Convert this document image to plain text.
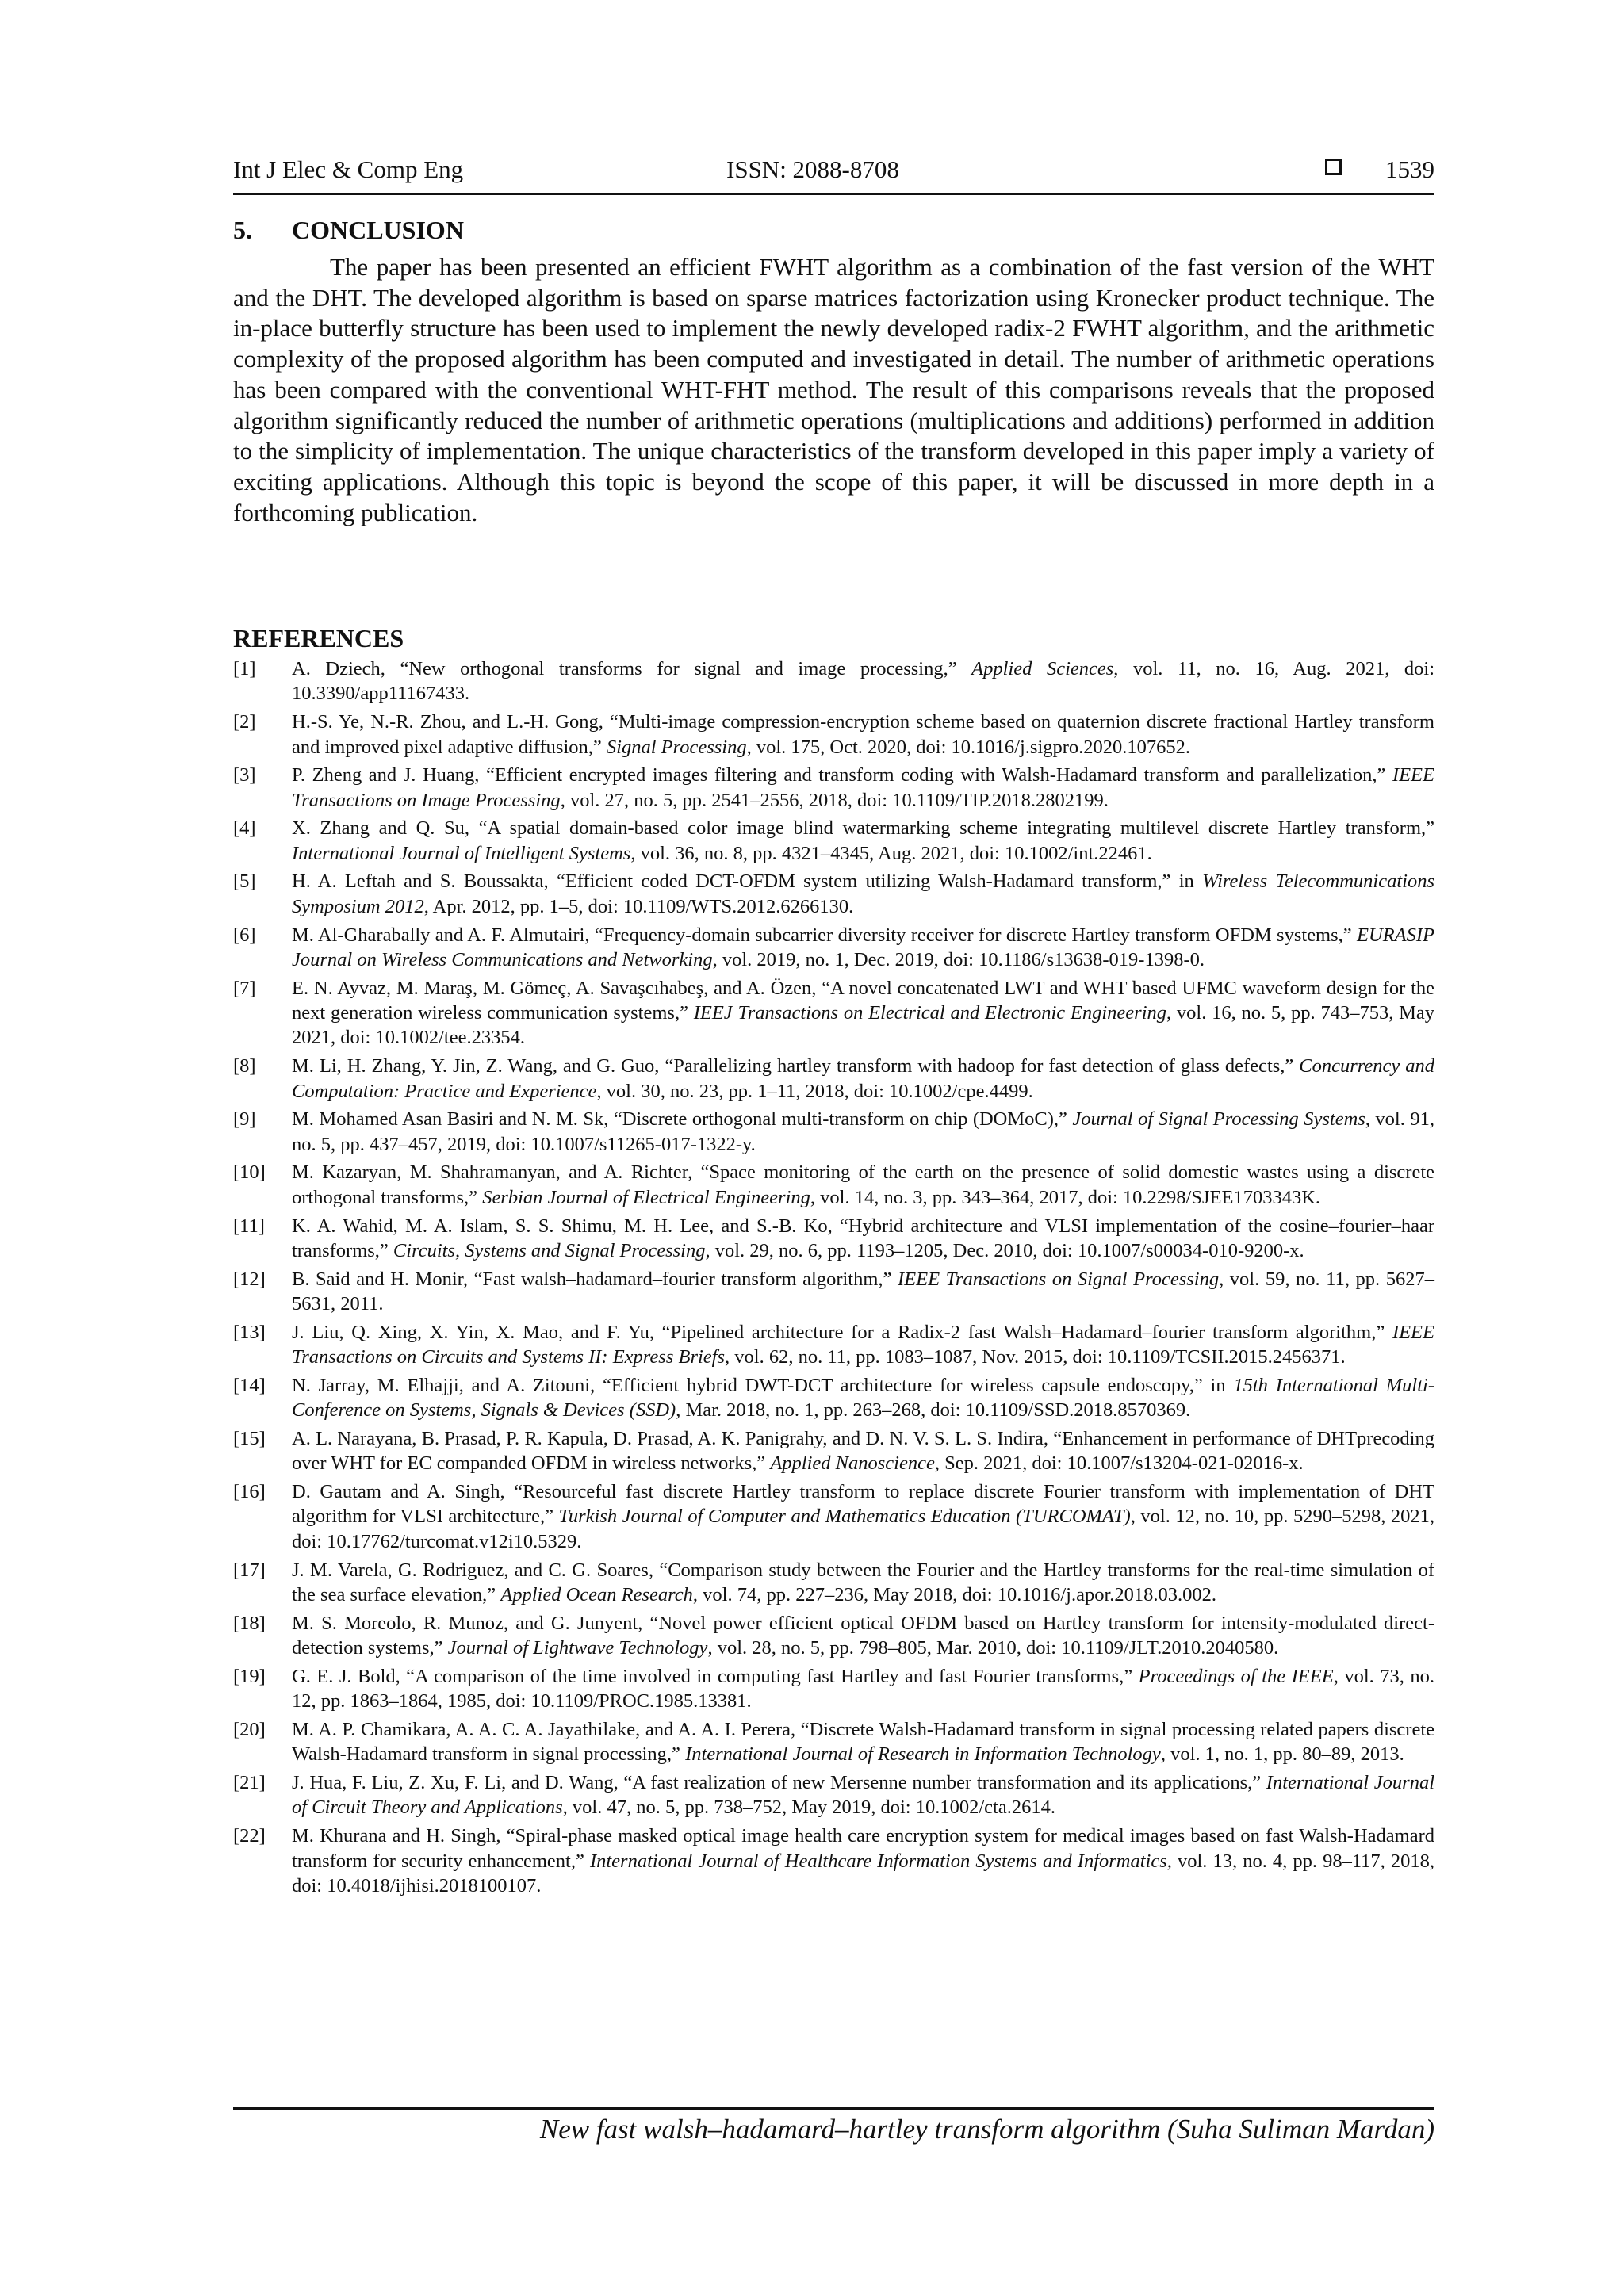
Int J Elec & Comp Eng	ISSN: 2088-8708	1539
5. CONCLUSION

The paper has been presented an efficient FWHT algorithm as a combination of the fast version of the WHT and the DHT. The developed algorithm is based on sparse matrices factorization using Kronecker product technique. The in-place butterfly structure has been used to implement the newly developed radix-2 FWHT algorithm, and the arithmetic complexity of the proposed algorithm has been computed and investigated in detail. The number of arithmetic operations has been compared with the conventional WHT-FHT method. The result of this comparisons reveals that the proposed algorithm significantly reduced the number of arithmetic operations (multiplications and additions) performed in addition to the simplicity of implementation. The unique characteristics of the transform developed in this paper imply a variety of exciting applications. Although this topic is beyond the scope of this paper, it will be discussed in more depth in a forthcoming publication.

REFERENCES
[1] A. Dziech, “New orthogonal transforms for signal and image processing,” Applied Sciences, vol. 11, no. 16, Aug. 2021, doi: 10.3390/app11167433.
[2] H.-S. Ye, N.-R. Zhou, and L.-H. Gong, “Multi-image compression-encryption scheme based on quaternion discrete fractional Hartley transform and improved pixel adaptive diffusion,” Signal Processing, vol. 175, Oct. 2020, doi: 10.1016/j.sigpro.2020.107652.
[3] P. Zheng and J. Huang, “Efficient encrypted images filtering and transform coding with Walsh-Hadamard transform and parallelization,” IEEE Transactions on Image Processing, vol. 27, no. 5, pp. 2541–2556, 2018, doi: 10.1109/TIP.2018.2802199.
[4] X. Zhang and Q. Su, “A spatial domain-based color image blind watermarking scheme integrating multilevel discrete Hartley transform,” International Journal of Intelligent Systems, vol. 36, no. 8, pp. 4321–4345, Aug. 2021, doi: 10.1002/int.22461.
[5] H. A. Leftah and S. Boussakta, “Efficient coded DCT-OFDM system utilizing Walsh-Hadamard transform,” in Wireless Telecommunications Symposium 2012, Apr. 2012, pp. 1–5, doi: 10.1109/WTS.2012.6266130.
[6] M. Al-Gharabally and A. F. Almutairi, “Frequency-domain subcarrier diversity receiver for discrete Hartley transform OFDM systems,” EURASIP Journal on Wireless Communications and Networking, vol. 2019, no. 1, Dec. 2019, doi: 10.1186/s13638-019-1398-0.
[7] E. N. Ayvaz, M. Maraş, M. Gömeç, A. Savaşcıhabeş, and A. Özen, “A novel concatenated LWT and WHT based UFMC waveform design for the next generation wireless communication systems,” IEEJ Transactions on Electrical and Electronic Engineering, vol. 16, no. 5, pp. 743–753, May 2021, doi: 10.1002/tee.23354.
[8] M. Li, H. Zhang, Y. Jin, Z. Wang, and G. Guo, “Parallelizing hartley transform with hadoop for fast detection of glass defects,” Concurrency and Computation: Practice and Experience, vol. 30, no. 23, pp. 1–11, 2018, doi: 10.1002/cpe.4499.
[9] M. Mohamed Asan Basiri and N. M. Sk, “Discrete orthogonal multi-transform on chip (DOMoC),” Journal of Signal Processing Systems, vol. 91, no. 5, pp. 437–457, 2019, doi: 10.1007/s11265-017-1322-y.
[10] M. Kazaryan, M. Shahramanyan, and A. Richter, “Space monitoring of the earth on the presence of solid domestic wastes using a discrete orthogonal transforms,” Serbian Journal of Electrical Engineering, vol. 14, no. 3, pp. 343–364, 2017, doi: 10.2298/SJEE1703343K.
[11] K. A. Wahid, M. A. Islam, S. S. Shimu, M. H. Lee, and S.-B. Ko, “Hybrid architecture and VLSI implementation of the cosine–fourier–haar transforms,” Circuits, Systems and Signal Processing, vol. 29, no. 6, pp. 1193–1205, Dec. 2010, doi: 10.1007/s00034-010-9200-x.
[12] B. Said and H. Monir, “Fast walsh–hadamard–fourier transform algorithm,” IEEE Transactions on Signal Processing, vol. 59, no. 11, pp. 5627–5631, 2011.
[13] J. Liu, Q. Xing, X. Yin, X. Mao, and F. Yu, “Pipelined architecture for a Radix-2 fast Walsh–Hadamard–fourier transform algorithm,” IEEE Transactions on Circuits and Systems II: Express Briefs, vol. 62, no. 11, pp. 1083–1087, Nov. 2015, doi: 10.1109/TCSII.2015.2456371.
[14] N. Jarray, M. Elhajji, and A. Zitouni, “Efficient hybrid DWT-DCT architecture for wireless capsule endoscopy,” in 15th International Multi-Conference on Systems, Signals & Devices (SSD), Mar. 2018, no. 1, pp. 263–268, doi: 10.1109/SSD.2018.8570369.
[15] A. L. Narayana, B. Prasad, P. R. Kapula, D. Prasad, A. K. Panigrahy, and D. N. V. S. L. S. Indira, “Enhancement in performance of DHTprecoding over WHT for EC companded OFDM in wireless networks,” Applied Nanoscience, Sep. 2021, doi: 10.1007/s13204-021-02016-x.
[16] D. Gautam and A. Singh, “Resourceful fast discrete Hartley transform to replace discrete Fourier transform with implementation of DHT algorithm for VLSI architecture,” Turkish Journal of Computer and Mathematics Education (TURCOMAT), vol. 12, no. 10, pp. 5290–5298, 2021, doi: 10.17762/turcomat.v12i10.5329.
[17] J. M. Varela, G. Rodriguez, and C. G. Soares, “Comparison study between the Fourier and the Hartley transforms for the real-time simulation of the sea surface elevation,” Applied Ocean Research, vol. 74, pp. 227–236, May 2018, doi: 10.1016/j.apor.2018.03.002.
[18] M. S. Moreolo, R. Munoz, and G. Junyent, “Novel power efficient optical OFDM based on Hartley transform for intensity-modulated direct-detection systems,” Journal of Lightwave Technology, vol. 28, no. 5, pp. 798–805, Mar. 2010, doi: 10.1109/JLT.2010.2040580.
[19] G. E. J. Bold, “A comparison of the time involved in computing fast Hartley and fast Fourier transforms,” Proceedings of the IEEE, vol. 73, no. 12, pp. 1863–1864, 1985, doi: 10.1109/PROC.1985.13381.
[20] M. A. P. Chamikara, A. A. C. A. Jayathilake, and A. A. I. Perera, “Discrete Walsh-Hadamard transform in signal processing related papers discrete Walsh-Hadamard transform in signal processing,” International Journal of Research in Information Technology, vol. 1, no. 1, pp. 80–89, 2013.
[21] J. Hua, F. Liu, Z. Xu, F. Li, and D. Wang, “A fast realization of new Mersenne number transformation and its applications,” International Journal of Circuit Theory and Applications, vol. 47, no. 5, pp. 738–752, May 2019, doi: 10.1002/cta.2614.
[22] M. Khurana and H. Singh, “Spiral-phase masked optical image health care encryption system for medical images based on fast Walsh-Hadamard transform for security enhancement,” International Journal of Healthcare Information Systems and Informatics, vol. 13, no. 4, pp. 98–117, 2018, doi: 10.4018/ijhisi.2018100107.
New fast walsh–hadamard–hartley transform algorithm (Suha Suliman Mardan)
